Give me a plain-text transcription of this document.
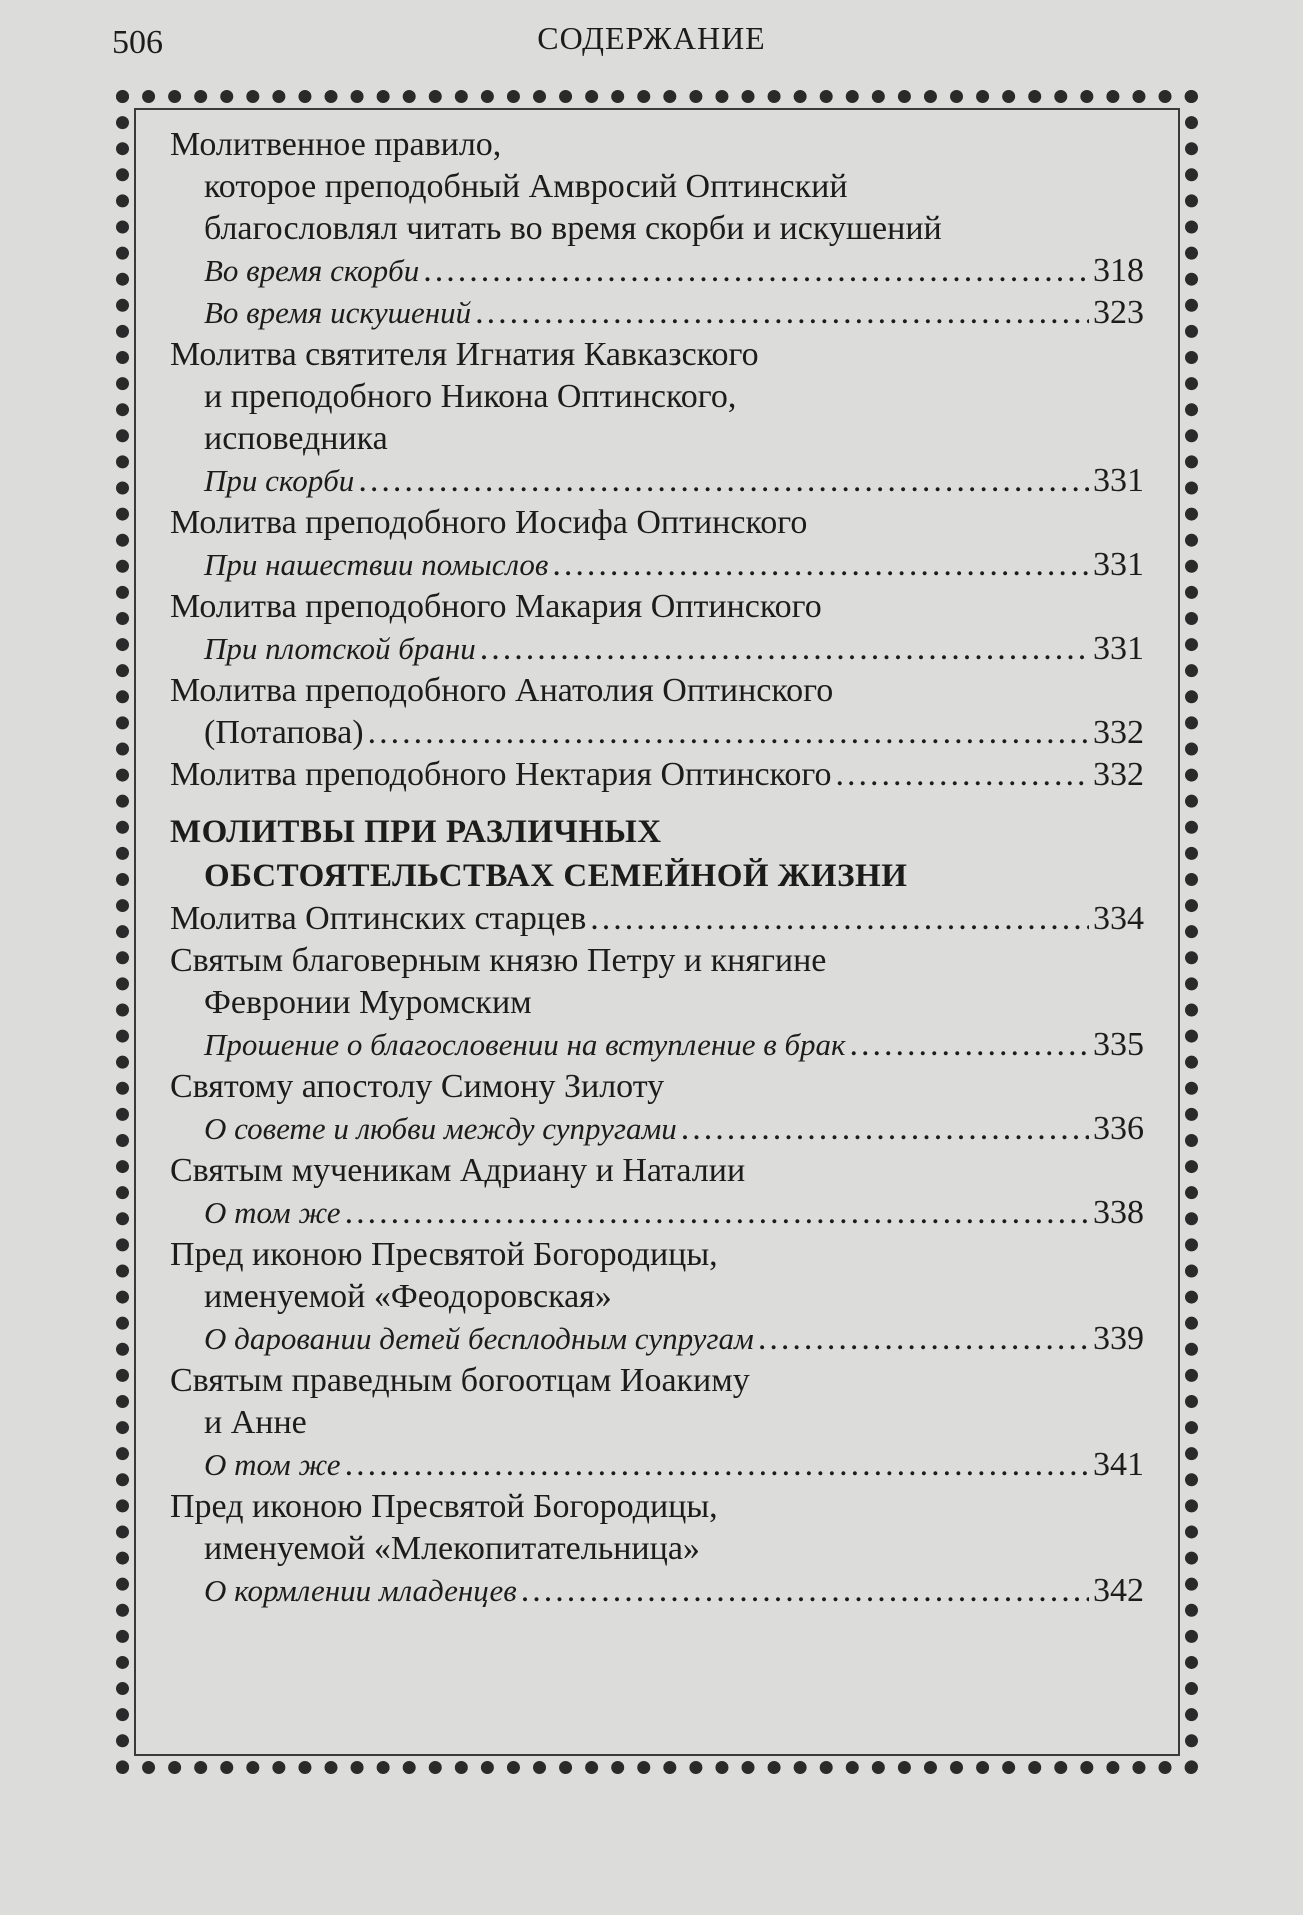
506	СОДЕРЖАНИЕ

Молитвенное правило,

которое преподобный Амвросий Оптинский

благословлял читать во время скорби и искушений

Во время скорби .....	318
Во время искушений .....	323

Молитва святителя Игнатия Кавказского

и преподобного Никона Оптинского,

исповедника

При скорби .....	331

Молитва преподобного Иосифа Оптинского

При нашествии помыслов .....	331

Молитва преподобного Макария Оптинского

При плотской брани .....	331

Молитва преподобного Анатолия Оптинского

(Потапова) .....	332
Молитва преподобного Нектария Оптинского .....	332
МОЛИТВЫ ПРИ РАЗЛИЧНЫХ
ОБСТОЯТЕЛЬСТВАХ СЕМЕЙНОЙ ЖИЗНИ
Молитва Оптинских старцев .....	334

Святым благоверным князю Петру и княгине

Февронии Муромским

Прошение о благословении на вступление в брак .....	335

Святому апостолу Симону Зилоту

О совете и любви между супругами .....	336

Святым мученикам Адриану и Наталии

О том же .....	338

Пред иконою Пресвятой Богородицы,

именуемой «Феодоровская»

О даровании детей бесплодным супругам .....	339

Святым праведным богоотцам Иоакиму

и Анне

О том же .....	341

Пред иконою Пресвятой Богородицы,

именуемой «Млекопитательница»

О кормлении младенцев .....	342
